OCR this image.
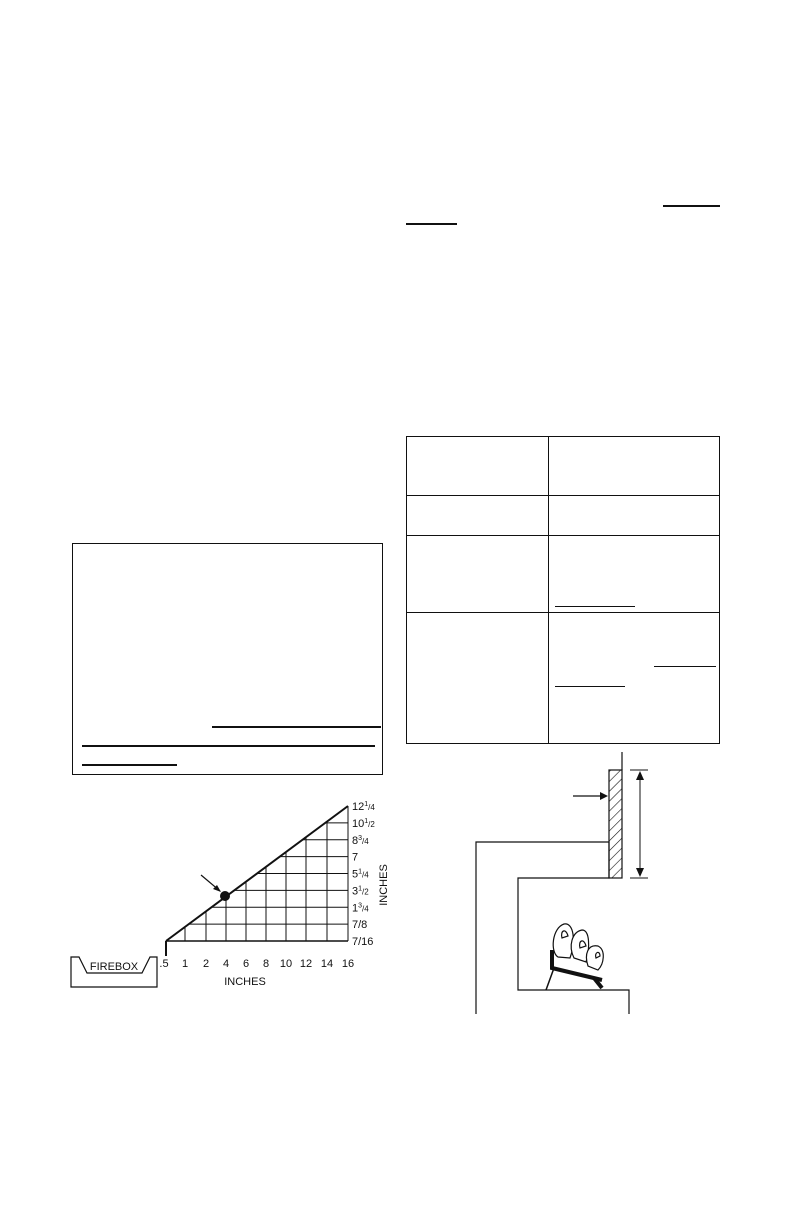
FIREBOX .5 1 2 4 6 8 10 12 14 16
INCHES
$12^1_{/4}$
$10^1_{/2}$
$8^3_{/4}$
7
$5^1_{/4}$
$3^1_{/2}$
$1^3_{/4}$
7/8
7/16
INCHES
